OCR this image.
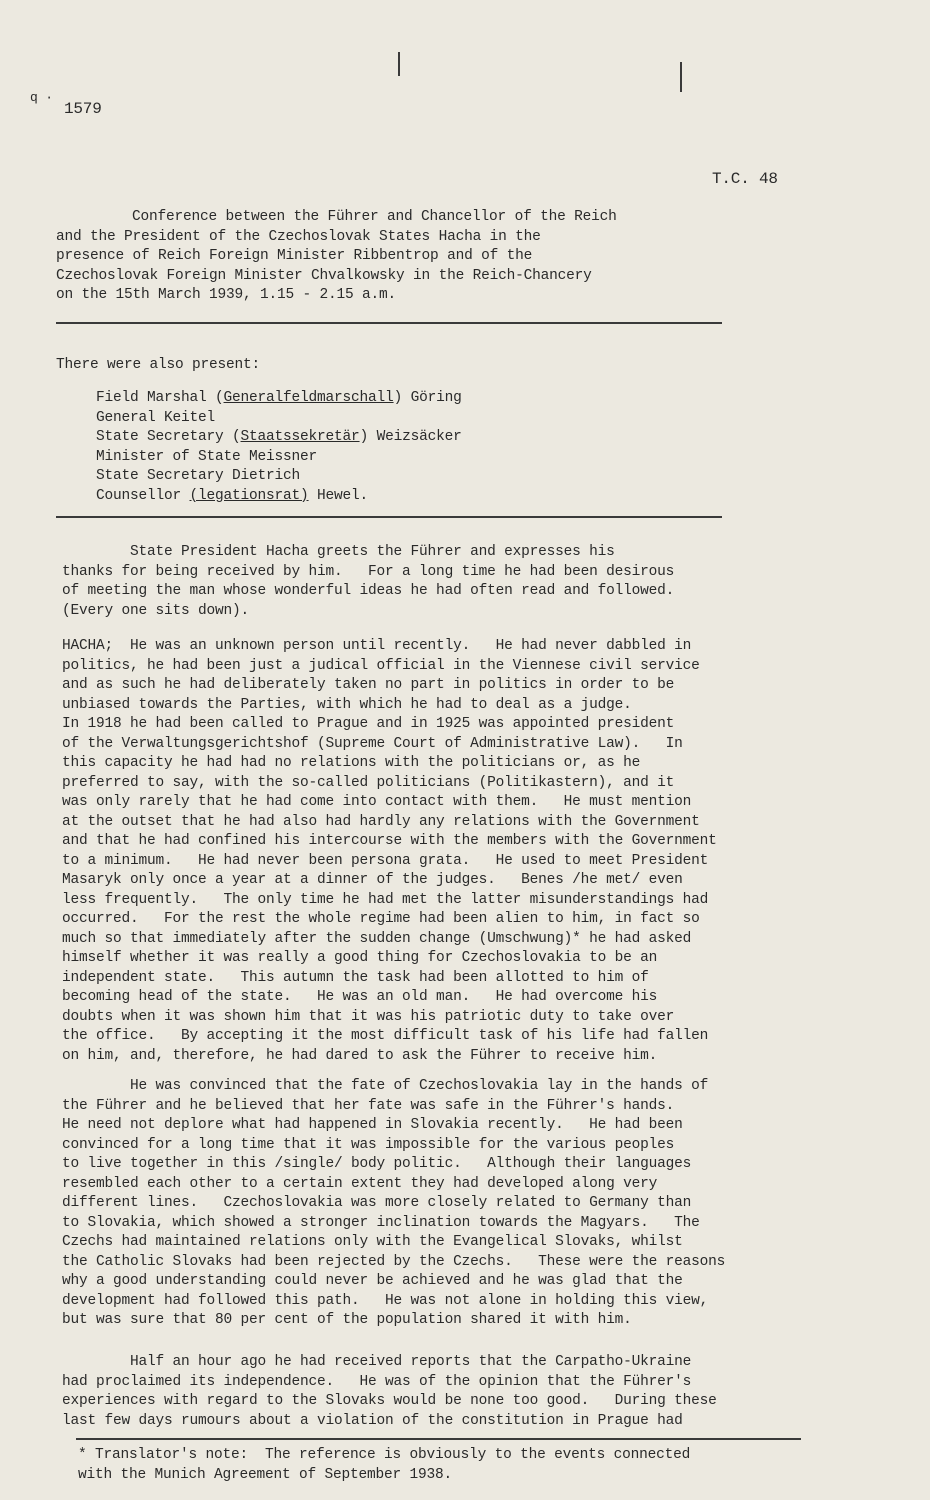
q ·
1579
T.C. 48
Conference between the Führer and Chancellor of the Reich
and the President of the Czechoslovak States Hacha in the
presence of Reich Foreign Minister Ribbentrop and of the
Czechoslovak Foreign Minister Chvalkowsky in the Reich-Chancery
on the 15th March 1939, 1.15 - 2.15 a.m.
There were also present:
Field Marshal (Generalfeldmarschall) Göring
General Keitel
State Secretary (Staatssekretär) Weizsäcker
Minister of State Meissner
State Secretary Dietrich
Counsellor (legationsrat) Hewel.
State President Hacha greets the Führer and expresses his
thanks for being received by him.   For a long time he had been desirous
of meeting the man whose wonderful ideas he had often read and followed.
(Every one sits down).
HACHA;  He was an unknown person until recently.   He had never dabbled in
politics, he had been just a judical official in the Viennese civil service
and as such he had deliberately taken no part in politics in order to be
unbiased towards the Parties, with which he had to deal as a judge.
In 1918 he had been called to Prague and in 1925 was appointed president
of the Verwaltungsgerichtshof (Supreme Court of Administrative Law).   In
this capacity he had had no relations with the politicians or, as he
preferred to say, with the so-called politicians (Politikastern), and it
was only rarely that he had come into contact with them.   He must mention
at the outset that he had also had hardly any relations with the Government
and that he had confined his intercourse with the members with the Government
to a minimum.   He had never been persona grata.   He used to meet President
Masaryk only once a year at a dinner of the judges.   Benes /he met/ even
less frequently.   The only time he had met the latter misunderstandings had
occurred.   For the rest the whole regime had been alien to him, in fact so
much so that immediately after the sudden change (Umschwung)* he had asked
himself whether it was really a good thing for Czechoslovakia to be an
independent state.   This autumn the task had been allotted to him of
becoming head of the state.   He was an old man.   He had overcome his
doubts when it was shown him that it was his patriotic duty to take over
the office.   By accepting it the most difficult task of his life had fallen
on him, and, therefore, he had dared to ask the Führer to receive him.
He was convinced that the fate of Czechoslovakia lay in the hands of
the Führer and he believed that her fate was safe in the Führer's hands.
He need not deplore what had happened in Slovakia recently.   He had been
convinced for a long time that it was impossible for the various peoples
to live together in this /single/ body politic.   Although their languages
resembled each other to a certain extent they had developed along very
different lines.   Czechoslovakia was more closely related to Germany than
to Slovakia, which showed a stronger inclination towards the Magyars.   The
Czechs had maintained relations only with the Evangelical Slovaks, whilst
the Catholic Slovaks had been rejected by the Czechs.   These were the reasons
why a good understanding could never be achieved and he was glad that the
development had followed this path.   He was not alone in holding this view,
but was sure that 80 per cent of the population shared it with him.
Half an hour ago he had received reports that the Carpatho-Ukraine
had proclaimed its independence.   He was of the opinion that the Führer's
experiences with regard to the Slovaks would be none too good.   During these
last few days rumours about a violation of the constitution in Prague had
* Translator's note:  The reference is obviously to the events connected
with the Munich Agreement of September 1938.
